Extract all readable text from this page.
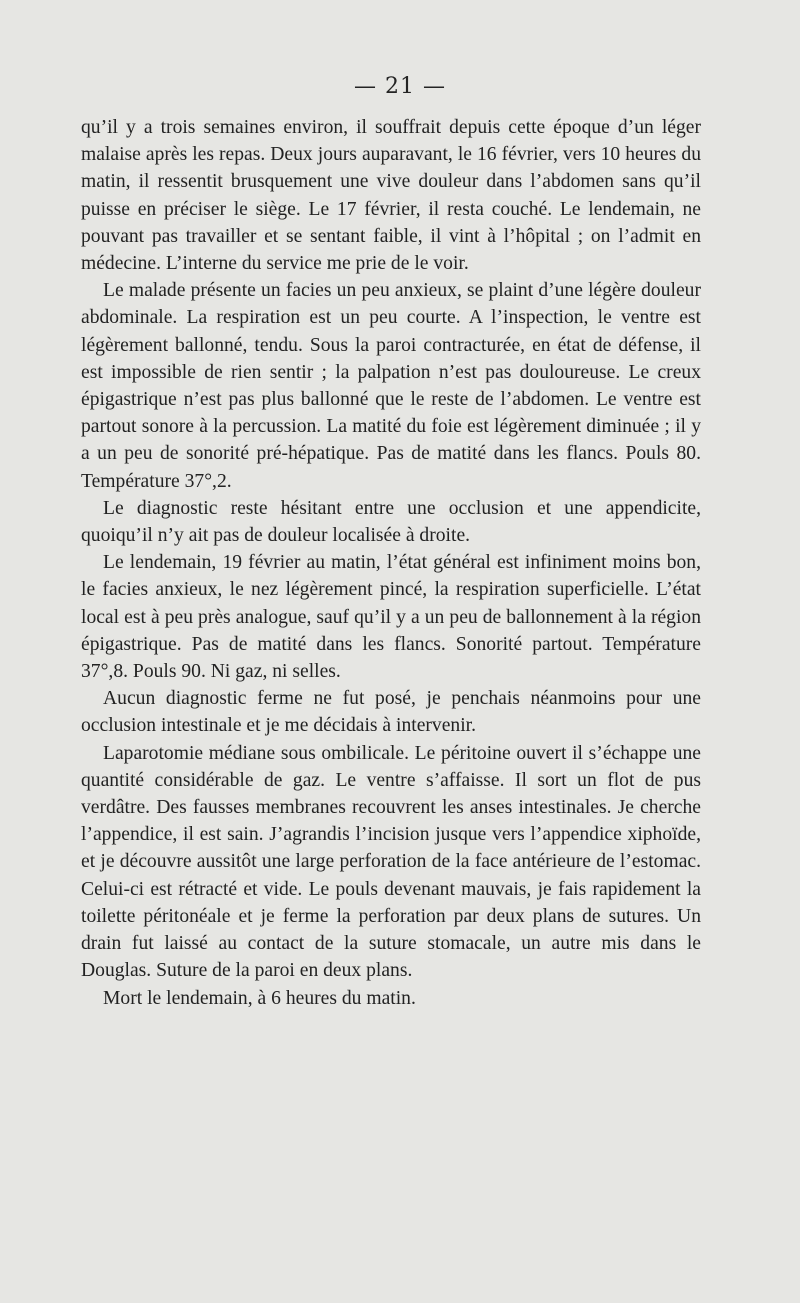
— 21 —

qu’il y a trois semaines environ, il souffrait depuis cette époque d’un léger malaise après les repas. Deux jours auparavant, le 16 février, vers 10 heures du matin, il ressentit brusquement une vive douleur dans l’abdomen sans qu’il puisse en préciser le siège. Le 17 février, il resta couché. Le lendemain, ne pouvant pas travailler et se sentant faible, il vint à l’hôpital ; on l’admit en médecine. L’interne du service me prie de le voir.

Le malade présente un facies un peu anxieux, se plaint d’une légère douleur abdominale. La respiration est un peu courte. A l’inspection, le ventre est légèrement ballonné, tendu. Sous la paroi contracturée, en état de défense, il est impossible de rien sentir ; la palpation n’est pas douloureuse. Le creux épigastrique n’est pas plus ballonné que le reste de l’abdomen. Le ventre est partout sonore à la percussion. La matité du foie est légèrement diminuée ; il y a un peu de sonorité pré-hépatique. Pas de matité dans les flancs. Pouls 80. Température 37°,2.

Le diagnostic reste hésitant entre une occlusion et une appendicite, quoiqu’il n’y ait pas de douleur localisée à droite.

Le lendemain, 19 février au matin, l’état général est infiniment moins bon, le facies anxieux, le nez légèrement pincé, la respiration superficielle. L’état local est à peu près analogue, sauf qu’il y a un peu de ballonnement à la région épigastrique. Pas de matité dans les flancs. Sonorité partout. Température 37°,8. Pouls 90. Ni gaz, ni selles.

Aucun diagnostic ferme ne fut posé, je penchais néanmoins pour une occlusion intestinale et je me décidais à intervenir.

Laparotomie médiane sous ombilicale. Le péritoine ouvert il s’échappe une quantité considérable de gaz. Le ventre s’affaisse. Il sort un flot de pus verdâtre. Des fausses membranes recouvrent les anses intestinales. Je cherche l’appendice, il est sain. J’agrandis l’incision jusque vers l’appendice xiphoïde, et je découvre aussitôt une large perforation de la face antérieure de l’estomac. Celui-ci est rétracté et vide. Le pouls devenant mauvais, je fais rapidement la toilette péritonéale et je ferme la perforation par deux plans de sutures. Un drain fut laissé au contact de la suture stomacale, un autre mis dans le Douglas. Suture de la paroi en deux plans.

Mort le lendemain, à 6 heures du matin.
